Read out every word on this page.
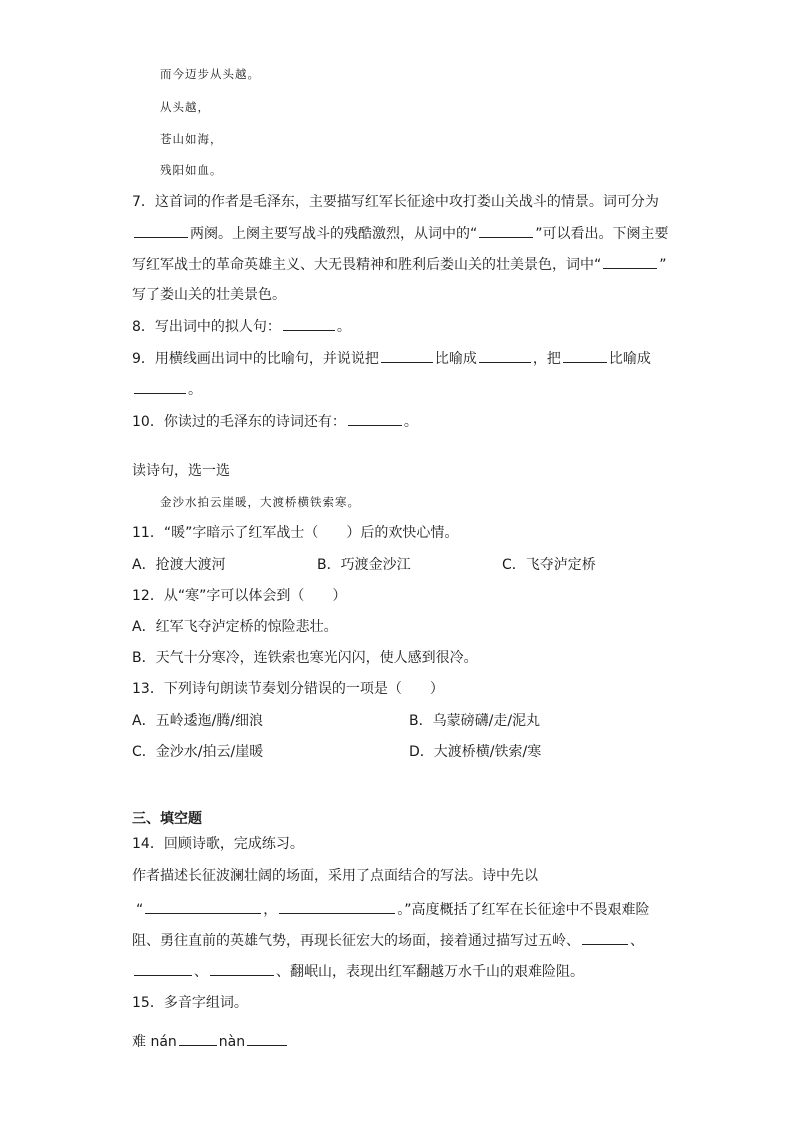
而今迈步从头越。
从头越，
苍山如海，
残阳如血。
7．这首词的作者是毛泽东，主要描写红军长征途中攻打娄山关战斗的情景。词可分为
两阕。上阕主要写战斗的残酷激烈，从词中的“	”可以看出。下阕主要
写红军战士的革命英雄主义、大无畏精神和胜利后娄山关的壮美景色，词中“	”
写了娄山关的壮美景色。
8．写出词中的拟人句：	。
9．用横线画出词中的比喻句，并说说把	比喻成	，把	比喻成
。
10．你读过的毛泽东的诗词还有：	。
读诗句，选一选
金沙水拍云崖暖，大渡桥横铁索寒。
11．“暖”字暗示了红军战士（　　）后的欢快心情。
A．抢渡大渡河	B．巧渡金沙江	C．飞夺泸定桥
12．从“寒”字可以体会到（　　）
A．红军飞夺泸定桥的惊险悲壮。
B．天气十分寒冷，连铁索也寒光闪闪，使人感到很冷。
13．下列诗句朗读节奏划分错误的一项是（　　）
A．五岭逶迤/腾/细浪	B．乌蒙磅礴/走/泥丸
C．金沙水/拍云/崖暖	D．大渡桥横/铁索/寒
三、填空题
14．回顾诗歌，完成练习。
作者描述长征波澜壮阔的场面，采用了点面结合的写法。诗中先以
“	，	。”高度概括了红军在长征途中不畏艰难险
阻、勇往直前的英雄气势，再现长征宏大的场面，接着通过描写过五岭、	、
、	、翻岷山，表现出红军翻越万水千山的艰难险阻。
15．多音字组词。
难 nán	nàn
